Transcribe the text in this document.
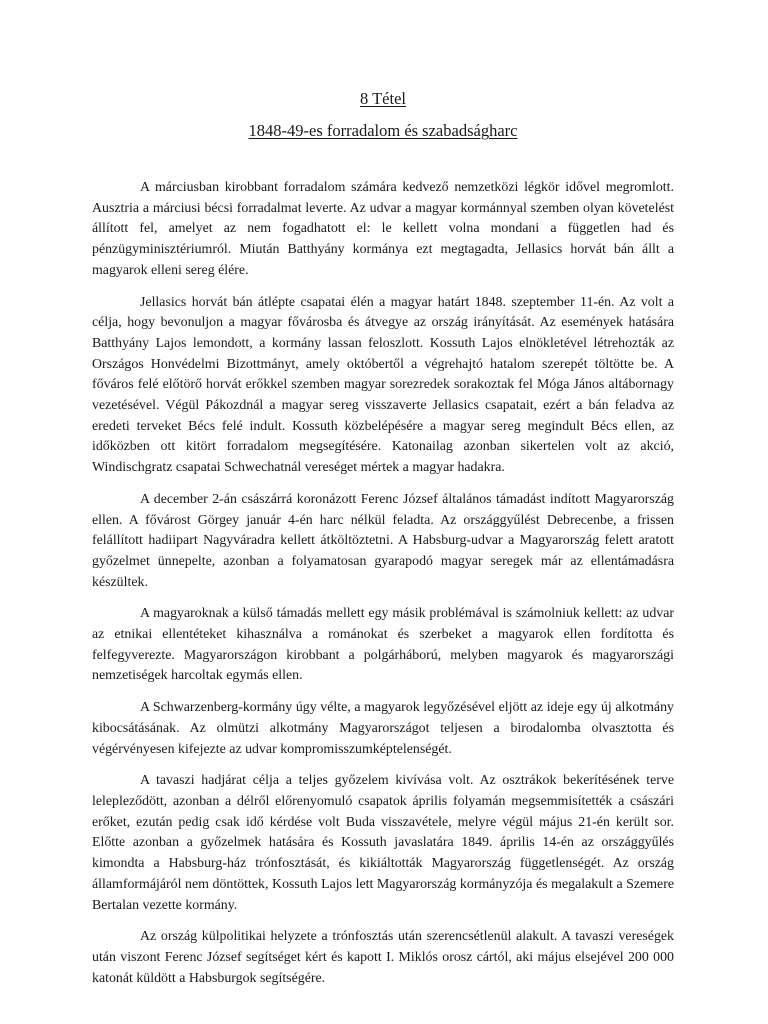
8 Tétel

1848-49-es forradalom és szabadságharc

A márciusban kirobbant forradalom számára kedvező nemzetközi légkör idővel megromlott. Ausztria a márciusi bécsi forradalmat leverte. Az udvar a magyar kormánnyal szemben olyan követelést állított fel, amelyet az nem fogadhatott el: le kellett volna mondani a független had és pénzügyminisztériumról. Miután Batthyány kormánya ezt megtagadta, Jellasics horvát bán állt a magyarok elleni sereg élére.

Jellasics horvát bán átlépte csapatai élén a magyar határt 1848. szeptember 11-én. Az volt a célja, hogy bevonuljon a magyar fővárosba és átvegye az ország irányítását. Az események hatására Batthyány Lajos lemondott, a kormány lassan feloszlott. Kossuth Lajos elnökletével létrehozták az Országos Honvédelmi Bizottmányt, amely októbertől a végrehajtó hatalom szerepét töltötte be. A főváros felé előtörő horvát erőkkel szemben magyar sorezredek sorakoztak fel Móga János altábornagy vezetésével. Végül Pákozdnál a magyar sereg visszaverte Jellasics csapatait, ezért a bán feladva az eredeti terveket Bécs felé indult. Kossuth közbelépésére a magyar sereg megindult Bécs ellen, az időközben ott kitört forradalom megsegítésére. Katonailag azonban sikertelen volt az akció, Windischgratz csapatai Schwechatnál vereséget mértek a magyar hadakra.

A december 2-án császárrá koronázott Ferenc József általános támadást indított Magyarország ellen. A fővárost Görgey január 4-én harc nélkül feladta. Az országgyűlést Debrecenbe, a frissen felállított hadiipart Nagyváradra kellett átköltöztetni. A Habsburg-udvar a Magyarország felett aratott győzelmet ünnepelte, azonban a folyamatosan gyarapodó magyar seregek már az ellentámadásra készültek.

A magyaroknak a külső támadás mellett egy másik problémával is számolniuk kellett: az udvar az etnikai ellentéteket kihasználva a románokat és szerbeket a magyarok ellen fordította és felfegyverezte. Magyarországon kirobbant a polgárháború, melyben magyarok és magyarországi nemzetiségek harcoltak egymás ellen.

A Schwarzenberg-kormány úgy vélte, a magyarok legyőzésével eljött az ideje egy új alkotmány kibocsátásának. Az olmützi alkotmány Magyarországot teljesen a birodalomba olvasztotta és végérvényesen kifejezte az udvar kompromisszumképtelenségét.

A tavaszi hadjárat célja a teljes győzelem kivívása volt. Az osztrákok bekerítésének terve lelepleződött, azonban a délről előrenyomuló csapatok április folyamán megsemmisítették a császári erőket, ezután pedig csak idő kérdése volt Buda visszavétele, melyre végül május 21-én került sor. Előtte azonban a győzelmek hatására és Kossuth javaslatára 1849. április 14-én az országgyűlés kimondta a Habsburg-ház trónfosztását, és kikiáltották Magyarország függetlenségét. Az ország államformájáról nem döntöttek, Kossuth Lajos lett Magyarország kormányzója és megalakult a Szemere Bertalan vezette kormány.

Az ország külpolitikai helyzete a trónfosztás után szerencsétlenül alakult. A tavaszi vereségek után viszont Ferenc József segítséget kért és kapott I. Miklós orosz cártól, aki május elsejével 200 000 katonát küldött a Habsburgok segítségére.
